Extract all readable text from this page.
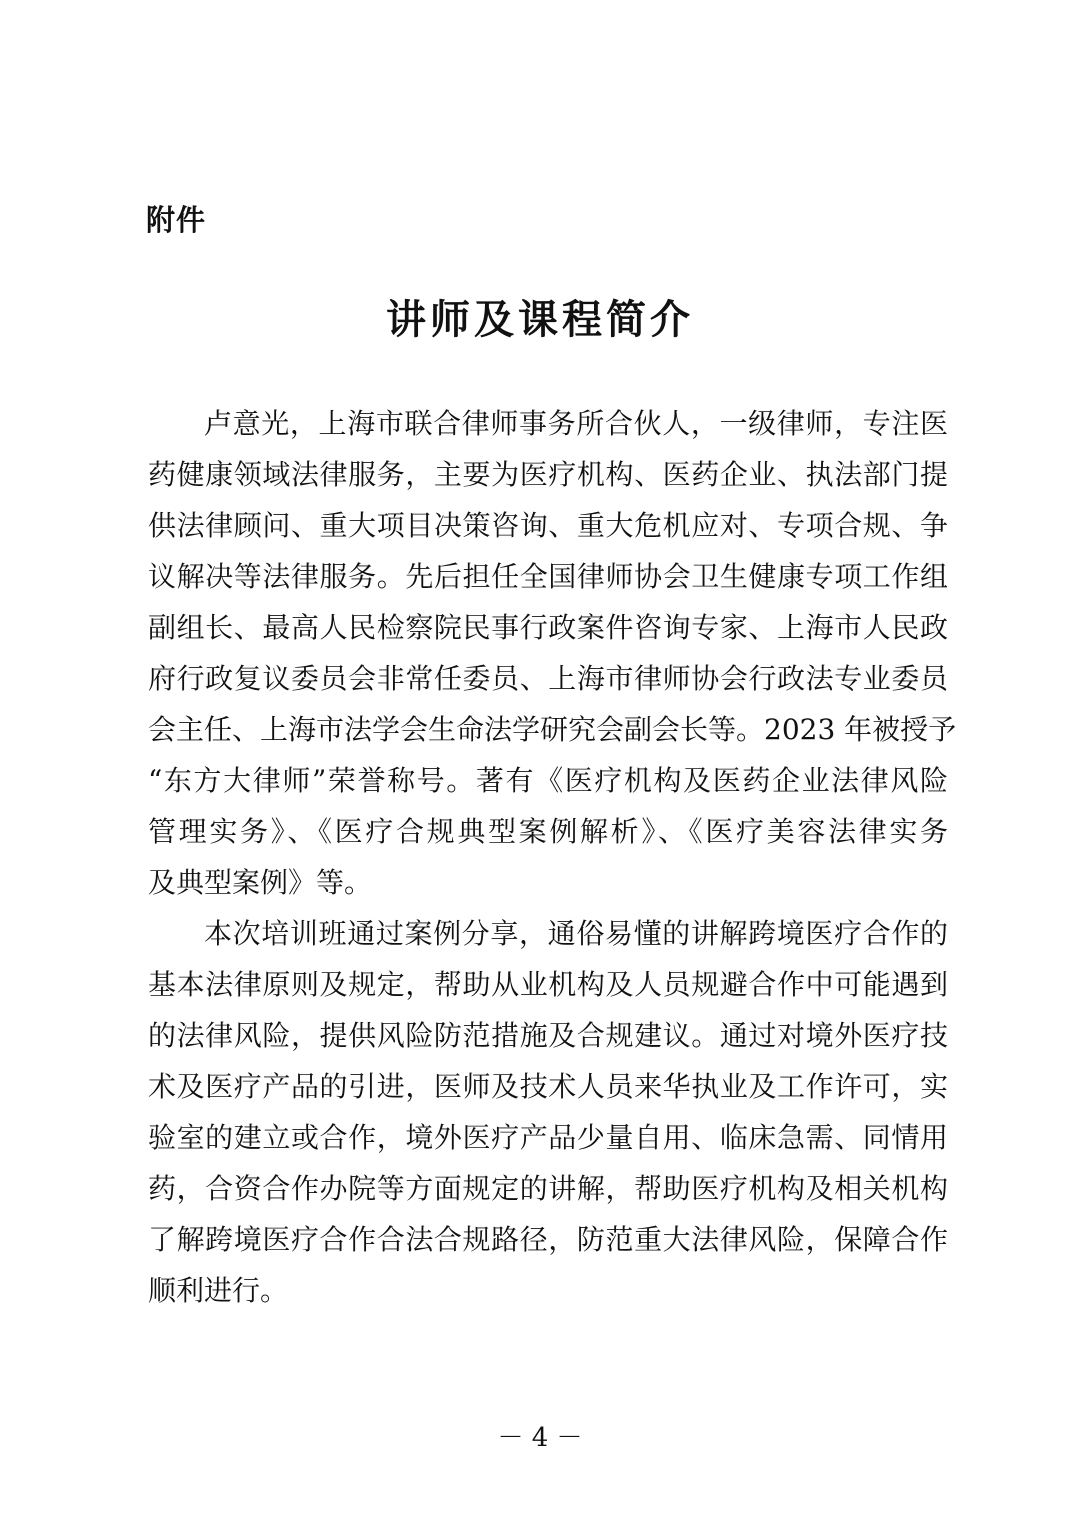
附件
讲师及课程简介
卢意光，上海市联合律师事务所合伙人，一级律师，专注医
药健康领域法律服务，主要为医疗机构、医药企业、执法部门提
供法律顾问、重大项目决策咨询、重大危机应对、专项合规、争
议解决等法律服务。先后担任全国律师协会卫生健康专项工作组
副组长、最高人民检察院民事行政案件咨询专家、上海市人民政
府行政复议委员会非常任委员、上海市律师协会行政法专业委员
会主任、上海市法学会生命法学研究会副会长等。2023 年被授予
“东方大律师”荣誉称号。著有《医疗机构及医药企业法律风险
管理实务》、《医疗合规典型案例解析》、《医疗美容法律实务
及典型案例》等。
本次培训班通过案例分享，通俗易懂的讲解跨境医疗合作的
基本法律原则及规定，帮助从业机构及人员规避合作中可能遇到
的法律风险，提供风险防范措施及合规建议。通过对境外医疗技
术及医疗产品的引进，医师及技术人员来华执业及工作许可，实
验室的建立或合作，境外医疗产品少量自用、临床急需、同情用
药，合资合作办院等方面规定的讲解，帮助医疗机构及相关机构
了解跨境医疗合作合法合规路径，防范重大法律风险，保障合作
顺利进行。
－ 4 －
